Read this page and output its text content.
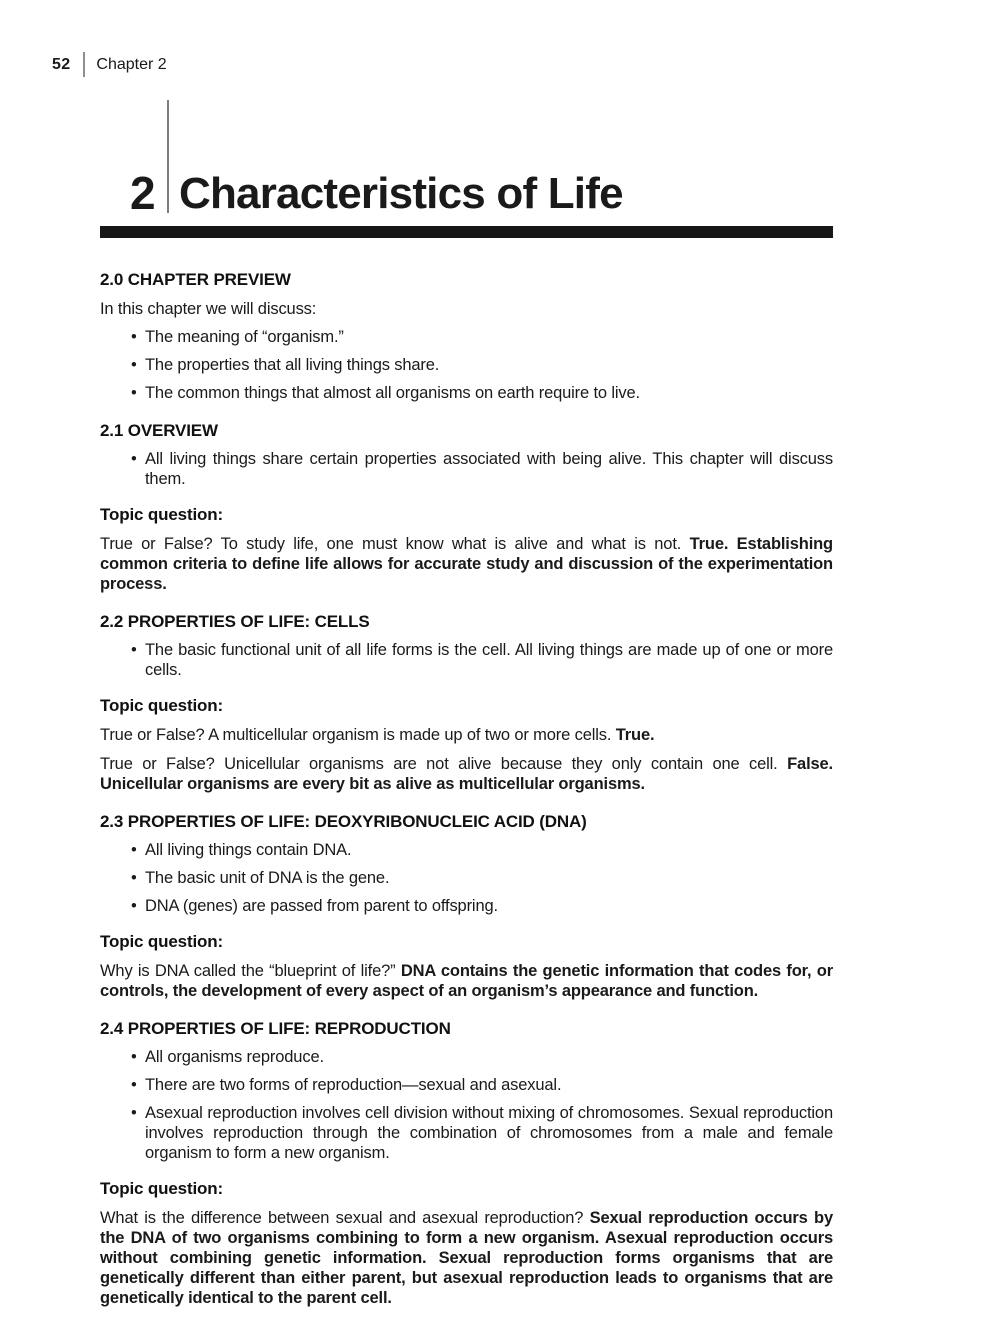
52 Chapter 2
2 Characteristics of Life
2.0 CHAPTER PREVIEW

In this chapter we will discuss:

• The meaning of “organism.”
• The properties that all living things share.
• The common things that almost all organisms on earth require to live.
2.1 OVERVIEW
• All living things share certain properties associated with being alive. This chapter will discuss them.
Topic question:

True or False? To study life, one must know what is alive and what is not. True. Establishing common criteria to define life allows for accurate study and discussion of the experimentation process.

2.2 PROPERTIES OF LIFE: CELLS
• The basic functional unit of all life forms is the cell. All living things are made up of one or more cells.
Topic question:

True or False? A multicellular organism is made up of two or more cells. True.

True or False? Unicellular organisms are not alive because they only contain one cell. False. Unicellular organisms are every bit as alive as multicellular organisms.

2.3 PROPERTIES OF LIFE: DEOXYRIBONUCLEIC ACID (DNA)
• All living things contain DNA.
• The basic unit of DNA is the gene.
• DNA (genes) are passed from parent to offspring.
Topic question:

Why is DNA called the “blueprint of life?” DNA contains the genetic information that codes for, or controls, the development of every aspect of an organism’s appearance and function.

2.4 PROPERTIES OF LIFE: REPRODUCTION
• All organisms reproduce.
• There are two forms of reproduction—sexual and asexual.
• Asexual reproduction involves cell division without mixing of chromosomes. Sexual reproduction involves reproduction through the combination of chromosomes from a male and female organism to form a new organism.
Topic question:

What is the difference between sexual and asexual reproduction? Sexual reproduction occurs by the DNA of two organisms combining to form a new organism. Asexual reproduction occurs without combining genetic information. Sexual reproduction forms organisms that are genetically different than either parent, but asexual reproduction leads to organisms that are genetically identical to the parent cell.
